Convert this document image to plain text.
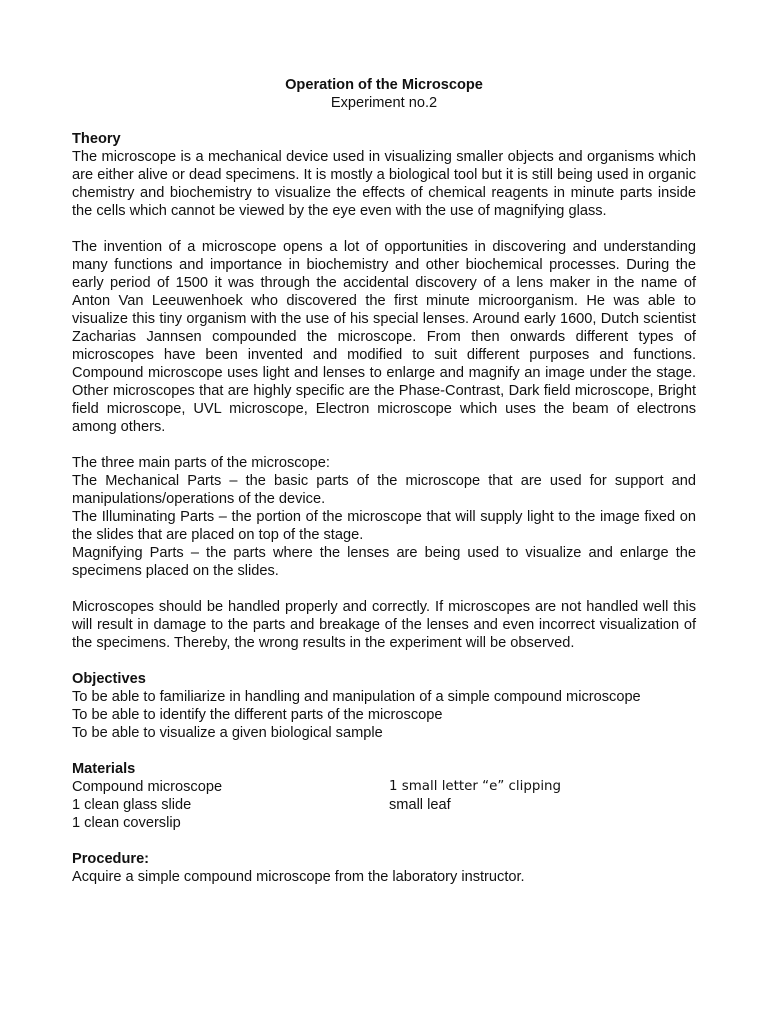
Operation of the Microscope
Experiment no.2
Theory

The microscope is a mechanical device used in visualizing smaller objects and organisms which are either alive or dead specimens. It is mostly a biological tool but it is still being used in organic chemistry and biochemistry to visualize the effects of chemical reagents in minute parts inside the cells which cannot be viewed by the eye even with the use of magnifying glass.

The invention of a microscope opens a lot of opportunities in discovering and understanding many functions and importance in biochemistry and other biochemical processes. During the early period of 1500 it was through the accidental discovery of a lens maker in the name of Anton Van Leeuwenhoek who discovered the first minute microorganism. He was able to visualize this tiny organism with the use of his special lenses. Around early 1600, Dutch scientist Zacharias Jannsen compounded the microscope. From then onwards different types of microscopes have been invented and modified to suit different purposes and functions. Compound microscope uses light and lenses to enlarge and magnify an image under the stage. Other microscopes that are highly specific are the Phase-Contrast, Dark field microscope, Bright field microscope, UVL microscope, Electron microscope which uses the beam of electrons among others.

The three main parts of the microscope:

The Mechanical Parts – the basic parts of the microscope that are used for support and manipulations/operations of the device.

The Illuminating Parts – the portion of the microscope that will supply light to the image fixed on the slides that are placed on top of the stage.

Magnifying Parts – the parts where the lenses are being used to visualize and enlarge the specimens placed on the slides.

Microscopes should be handled properly and correctly. If microscopes are not handled well this will result in damage to the parts and breakage of the lenses and even incorrect visualization of the specimens. Thereby, the wrong results in the experiment will be observed.

Objectives
To be able to familiarize in handling and manipulation of a simple compound microscope
To be able to identify the different parts of the microscope
To be able to visualize a given biological sample
Materials
Compound microscope	1 small letter “e” clipping
1 clean glass slide	small leaf
1 clean coverslip
Procedure:
Acquire a simple compound microscope from the laboratory instructor.
